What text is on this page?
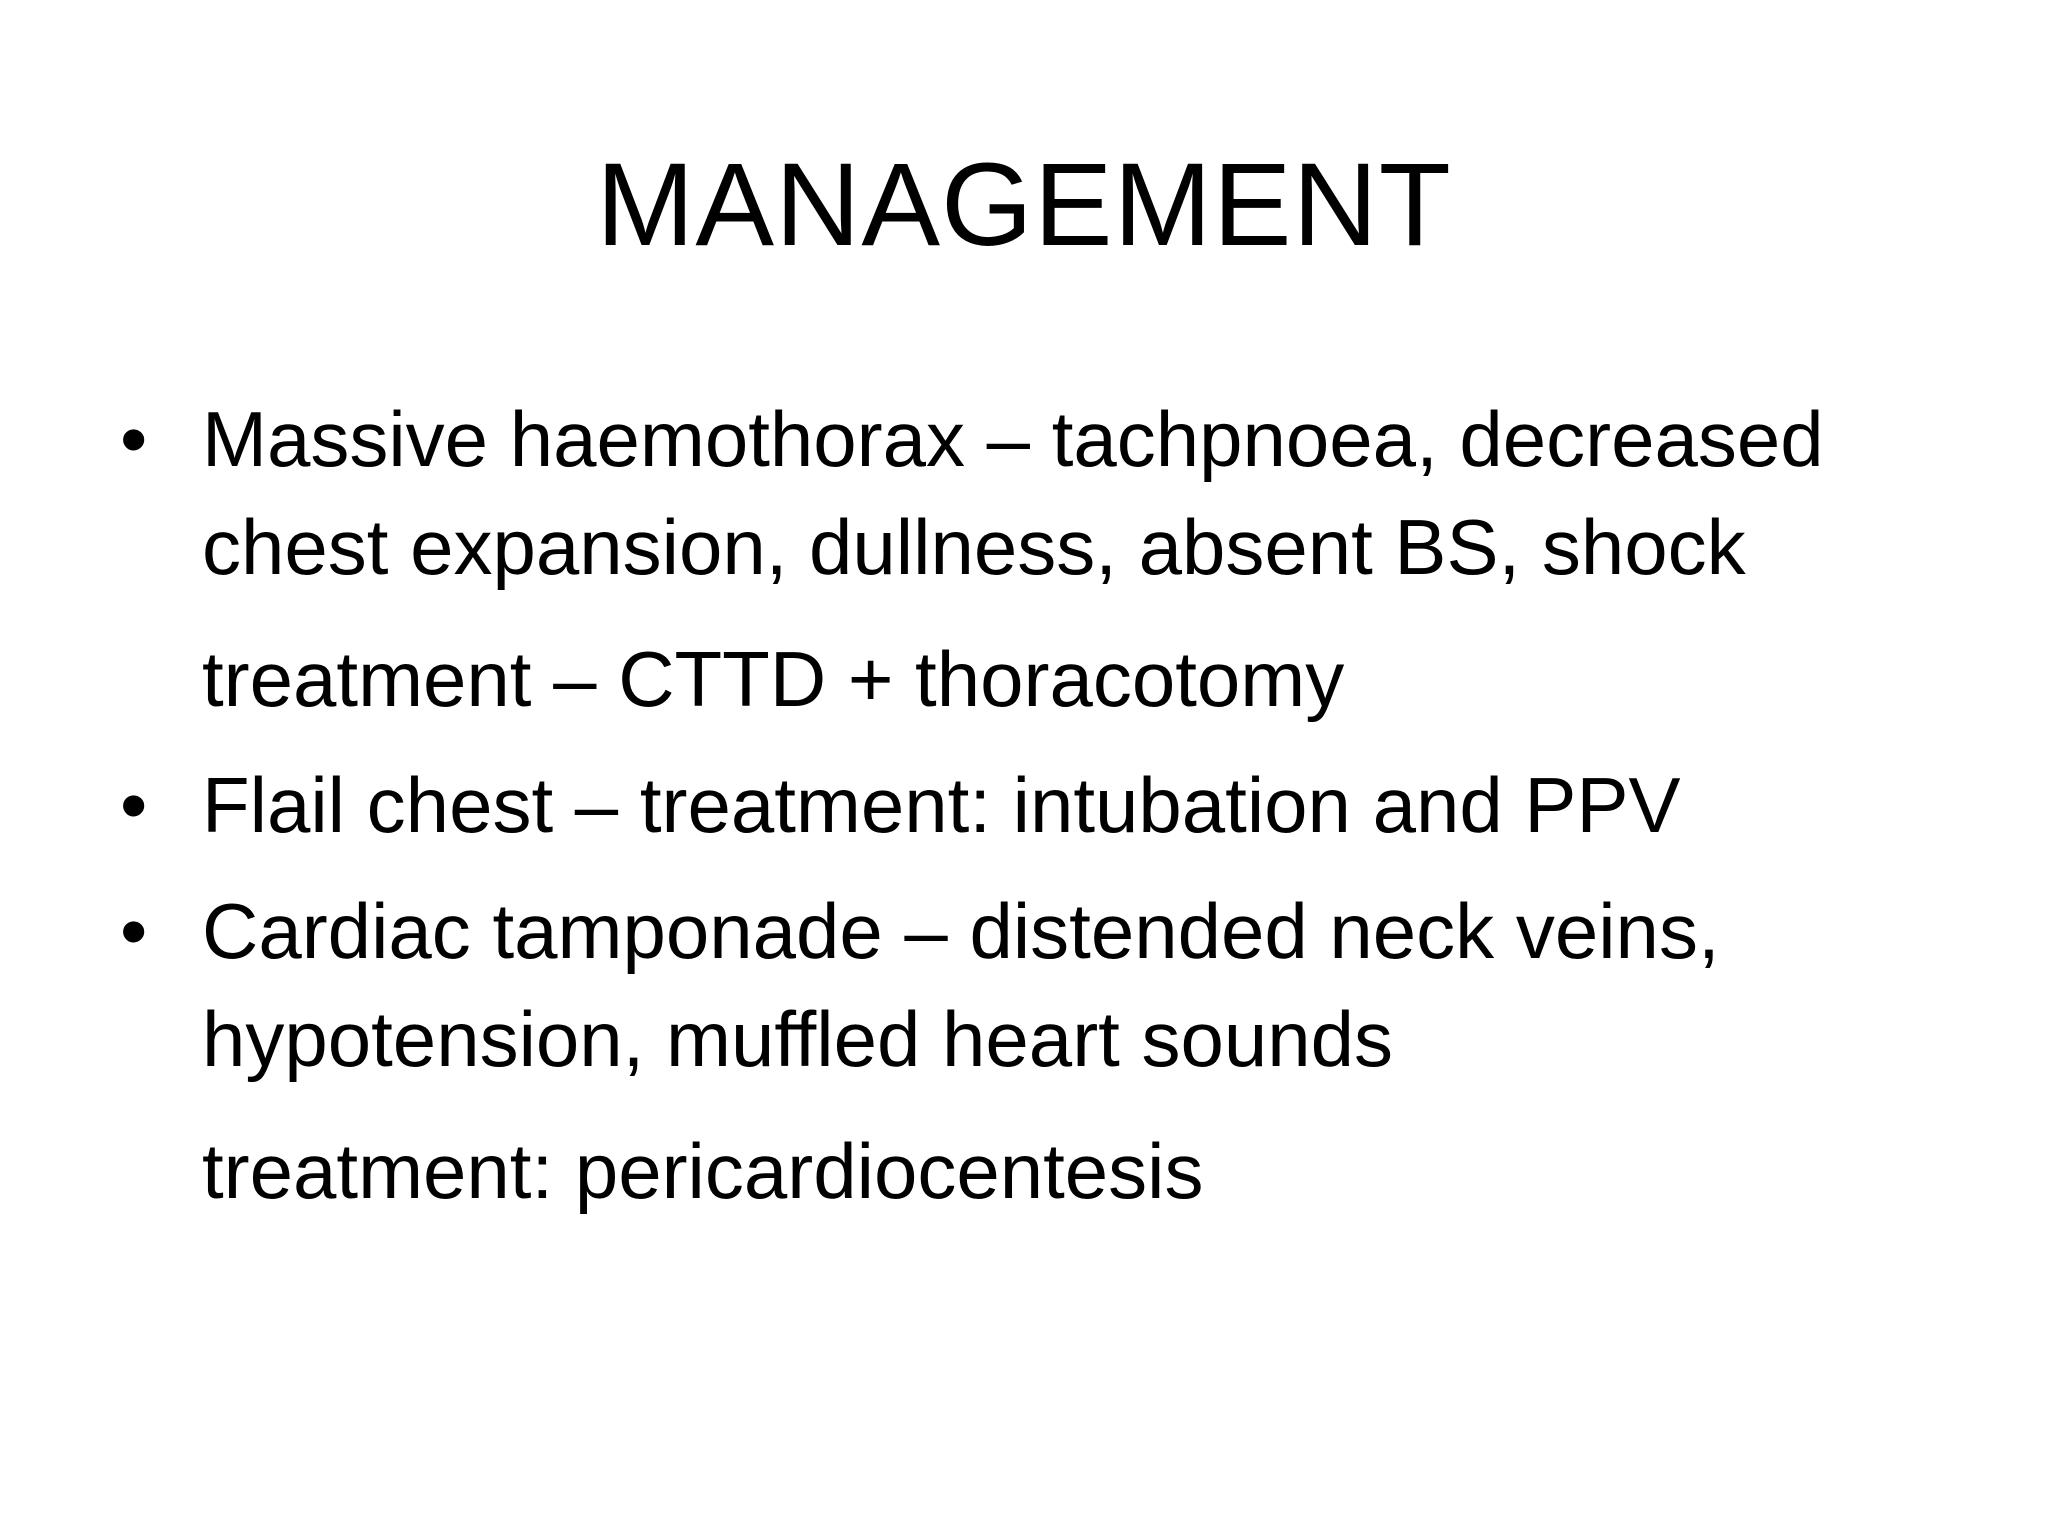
MANAGEMENT
• Massive haemothorax – tachpnoea, decreased chest expansion, dullness, absent BS, shock
treatment – CTTD + thoracotomy
• Flail chest – treatment: intubation and PPV
• Cardiac tamponade – distended neck veins, hypotension, muffled heart sounds
treatment: pericardiocentesis
